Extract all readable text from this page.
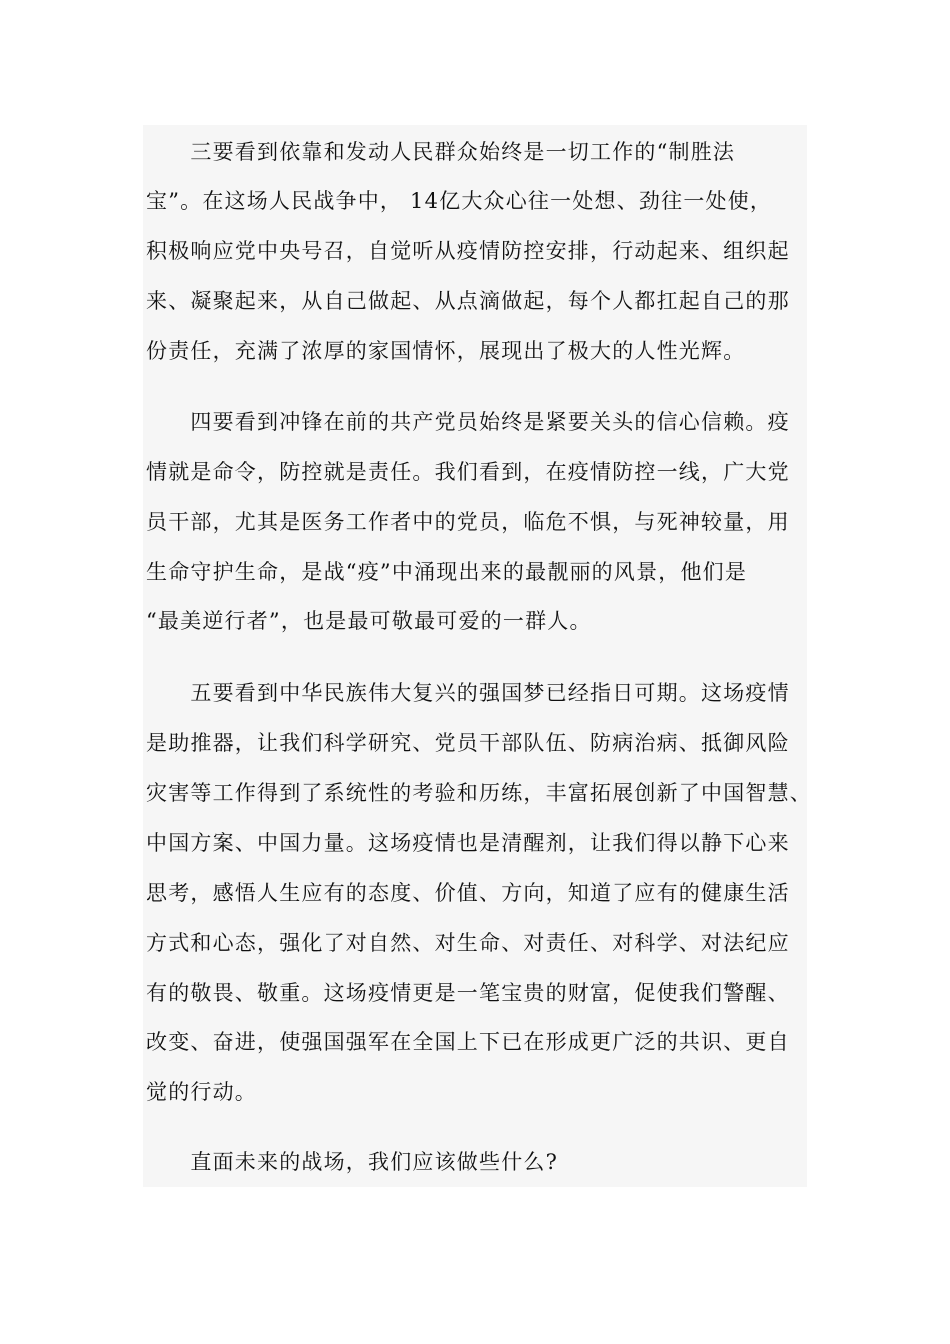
　　三要看到依靠和发动人民群众始终是一切工作的“制胜法
宝”。在这场人民战争中， 14亿大众心往一处想、劲往一处使，
积极响应党中央号召，自觉听从疫情防控安排，行动起来、组织起
来、凝聚起来，从自己做起、从点滴做起，每个人都扛起自己的那
份责任，充满了浓厚的家国情怀，展现出了极大的人性光辉。
　　四要看到冲锋在前的共产党员始终是紧要关头的信心信赖。疫
情就是命令，防控就是责任。我们看到，在疫情防控一线，广大党
员干部，尤其是医务工作者中的党员，临危不惧，与死神较量，用
生命守护生命，是战“疫”中涌现出来的最靓丽的风景，他们是
“最美逆行者”，也是最可敬最可爱的一群人。
　　五要看到中华民族伟大复兴的强国梦已经指日可期。这场疫情
是助推器，让我们科学研究、党员干部队伍、防病治病、抵御风险
灾害等工作得到了系统性的考验和历练，丰富拓展创新了中国智慧、
中国方案、中国力量。这场疫情也是清醒剂，让我们得以静下心来
思考，感悟人生应有的态度、价值、方向，知道了应有的健康生活
方式和心态，强化了对自然、对生命、对责任、对科学、对法纪应
有的敬畏、敬重。这场疫情更是一笔宝贵的财富，促使我们警醒、
改变、奋进，使强国强军在全国上下已在形成更广泛的共识、更自
觉的行动。
　　直面未来的战场，我们应该做些什么?
